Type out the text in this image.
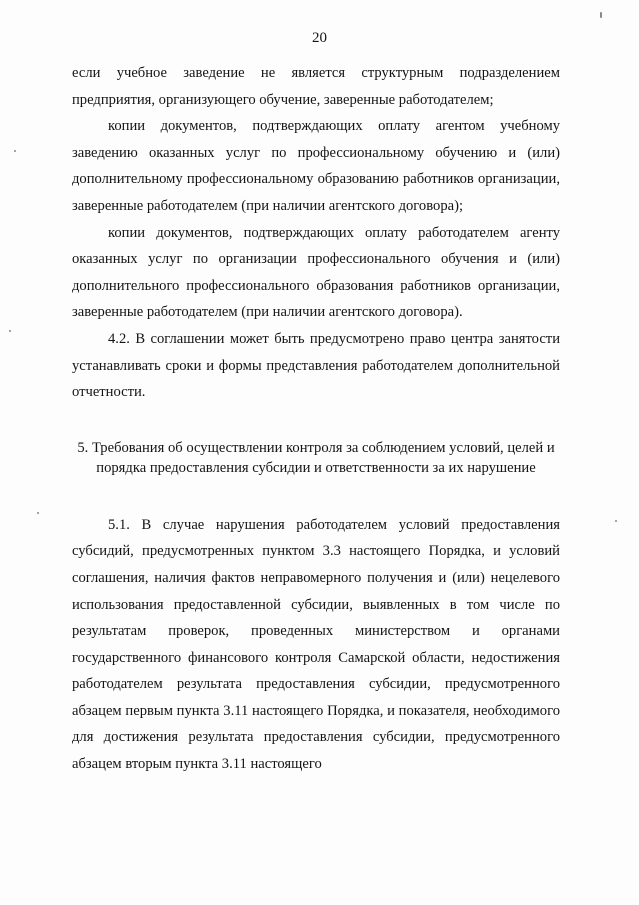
20

если учебное заведение не является структурным подразделением предприятия, организующего обучение, заверенные работодателем;

копии документов, подтверждающих оплату агентом учебному заведению оказанных услуг по профессиональному обучению и (или) дополнительному профессиональному образованию работников организации, заверенные работодателем (при наличии агентского договора);

копии документов, подтверждающих оплату работодателем агенту оказанных услуг по организации профессионального обучения и (или) дополнительного профессионального образования работников организации, заверенные работодателем (при наличии агентского договора).

4.2. В соглашении может быть предусмотрено право центра занятости устанавливать сроки и формы представления работодателем дополнительной отчетности.

5. Требования об осуществлении контроля за соблюдением условий, целей и порядка предоставления субсидии и ответственности за их нарушение

5.1. В случае нарушения работодателем условий предоставления субсидий, предусмотренных пунктом 3.3 настоящего Порядка, и условий соглашения, наличия фактов неправомерного получения и (или) нецелевого использования предоставленной субсидии, выявленных в том числе по результатам проверок, проведенных министерством и органами государственного финансового контроля Самарской области, недостижения работодателем результата предоставления субсидии, предусмотренного абзацем первым пункта 3.11 настоящего Порядка, и показателя, необходимого для достижения результата предоставления субсидии, предусмотренного абзацем вторым пункта 3.11 настоящего
